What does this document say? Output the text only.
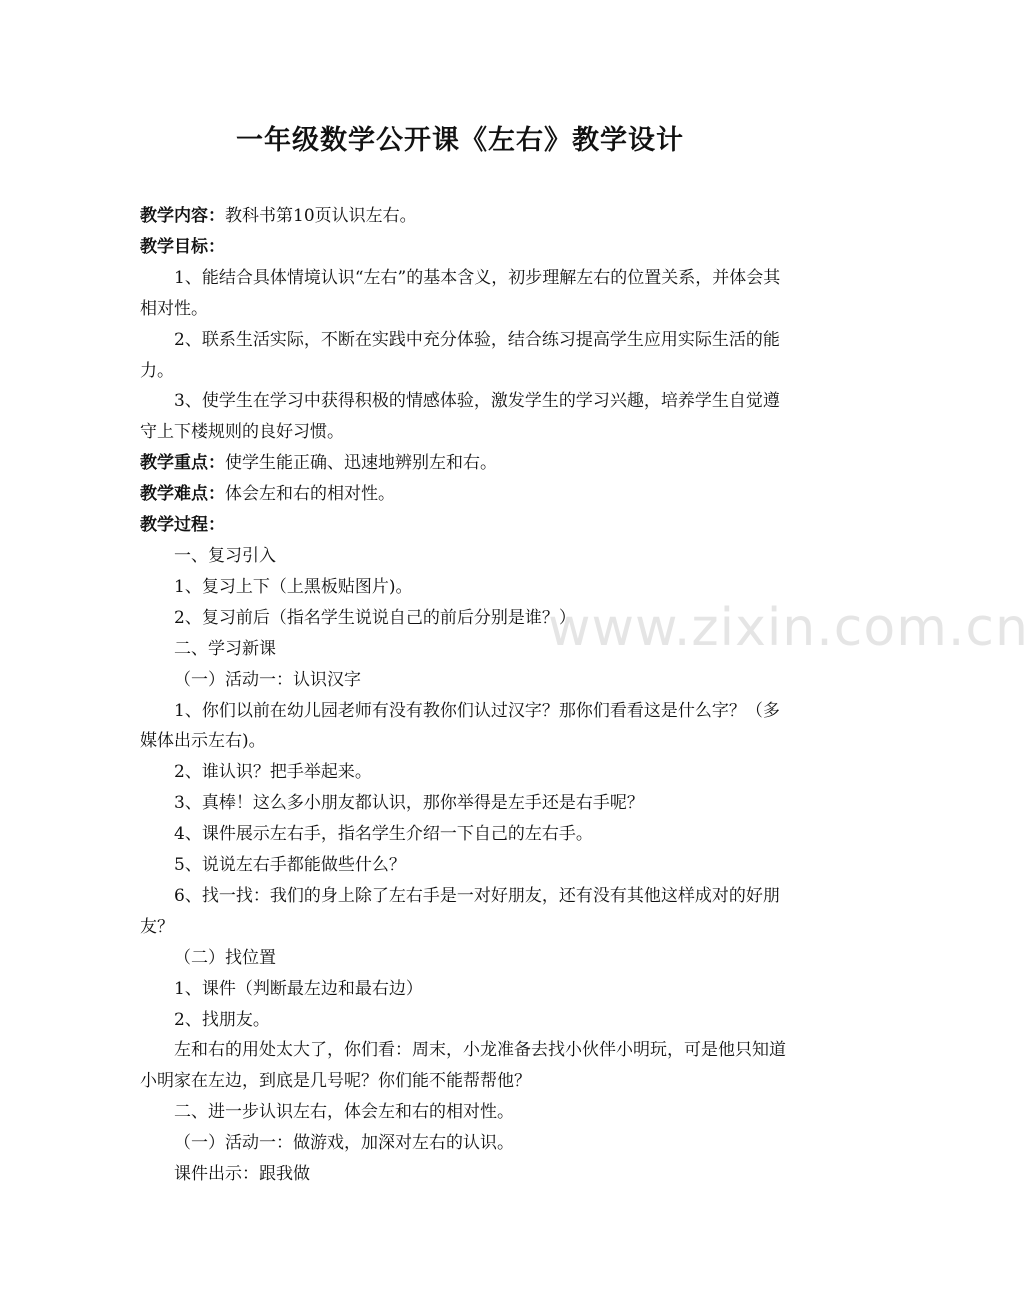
一年级数学公开课《左右》教学设计

教学内容：教科书第10页认识左右。

教学目标：

1、能结合具体情境认识“左右”的基本含义，初步理解左右的位置关系，并体会其相对性。

2、联系生活实际，不断在实践中充分体验，结合练习提高学生应用实际生活的能力。

3、使学生在学习中获得积极的情感体验，激发学生的学习兴趣，培养学生自觉遵守上下楼规则的良好习惯。

教学重点：使学生能正确、迅速地辨别左和右。

教学难点：体会左和右的相对性。

教学过程：

一、复习引入

1、复习上下（上黑板贴图片)。

2、复习前后（指名学生说说自己的前后分别是谁？）

二、学习新课

（一）活动一：认识汉字

1、你们以前在幼儿园老师有没有教你们认过汉字？那你们看看这是什么字？（多媒体出示左右)。

2、谁认识？把手举起来。

3、真棒！这么多小朋友都认识，那你举得是左手还是右手呢？

4、课件展示左右手，指名学生介绍一下自己的左右手。

5、说说左右手都能做些什么？

6、找一找：我们的身上除了左右手是一对好朋友，还有没有其他这样成对的好朋友？

（二）找位置

1、课件（判断最左边和最右边）

2、找朋友。

左和右的用处太大了，你们看：周末，小龙准备去找小伙伴小明玩，可是他只知道小明家在左边，到底是几号呢？你们能不能帮帮他？

二、进一步认识左右，体会左和右的相对性。

（一）活动一：做游戏，加深对左右的认识。

课件出示：跟我做

www.zixin.com.cn
